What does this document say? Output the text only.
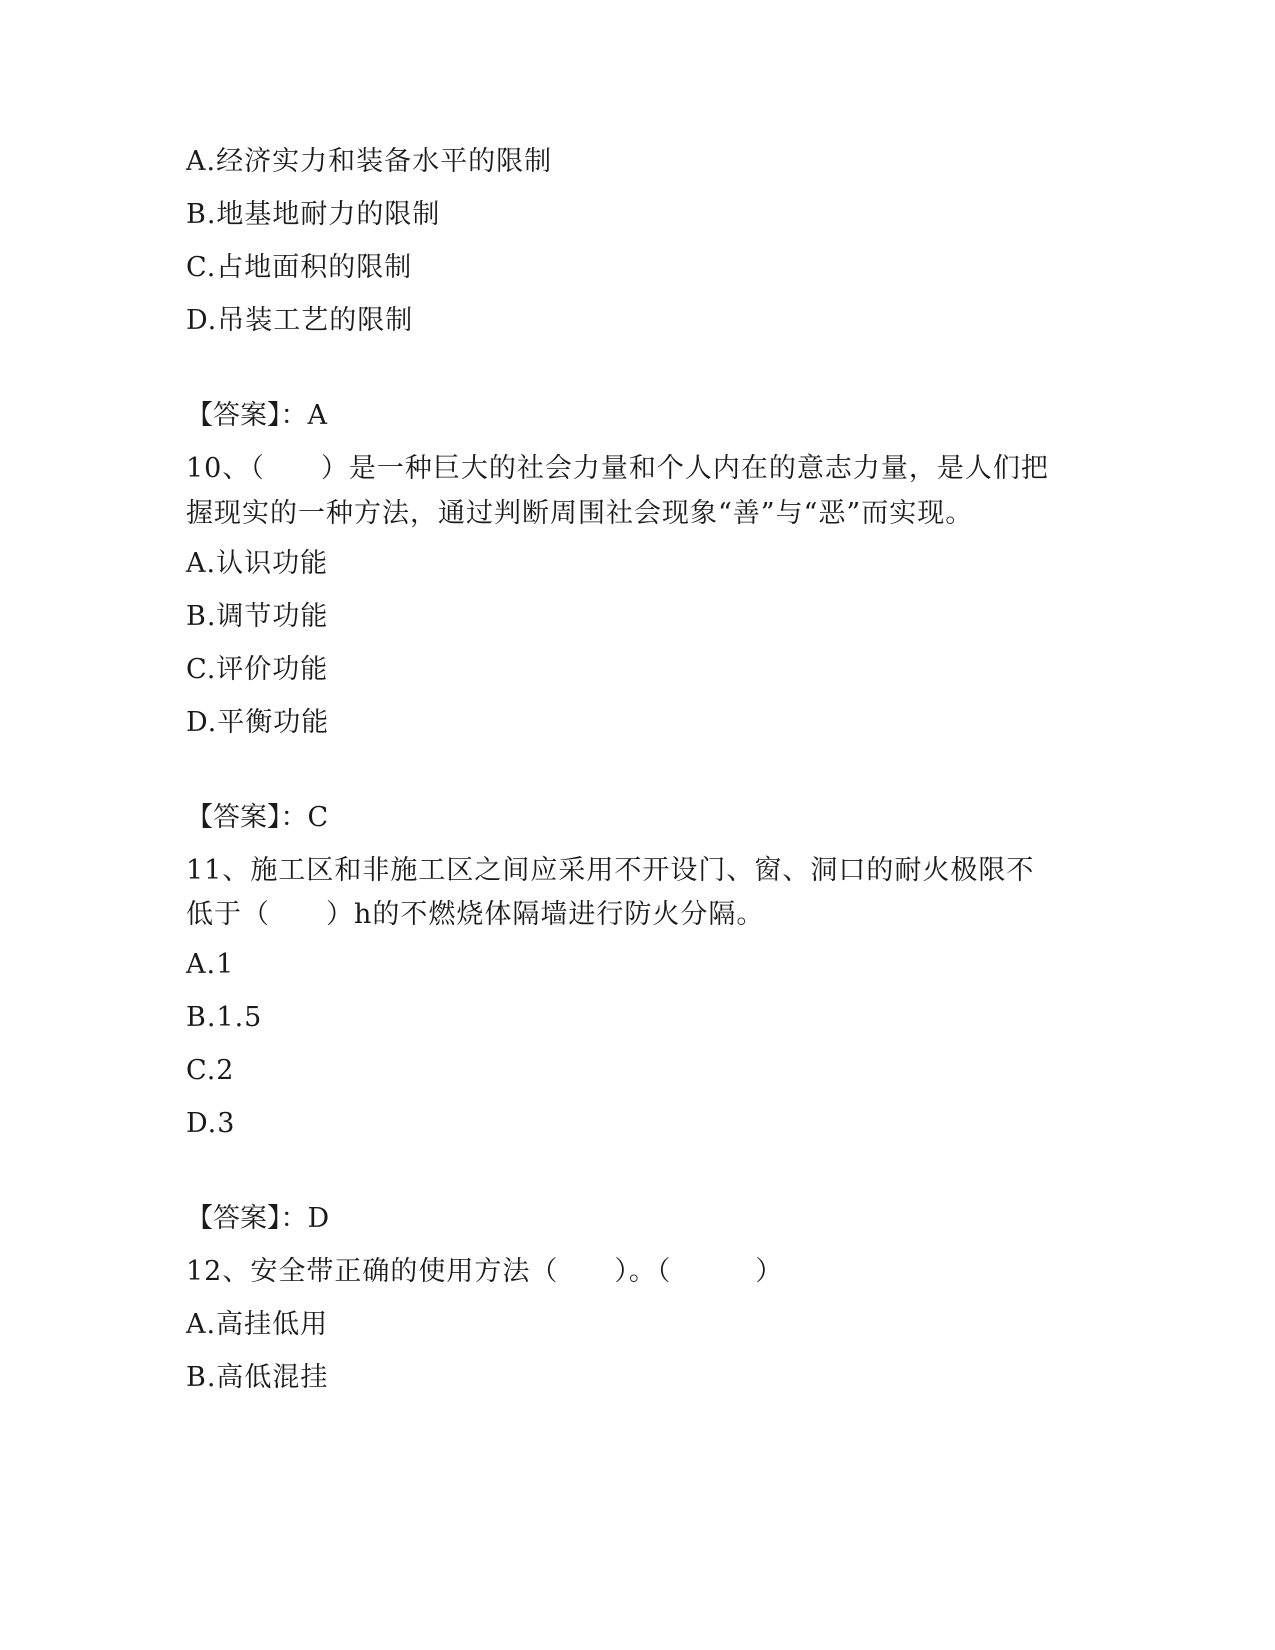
A.经济实力和装备水平的限制
B.地基地耐力的限制
C.占地面积的限制
D.吊装工艺的限制
【答案】：A
10、（　　）是一种巨大的社会力量和个人内在的意志力量，是人们把
握现实的一种方法，通过判断周围社会现象“善”与“恶”而实现。
A.认识功能
B.调节功能
C.评价功能
D.平衡功能
【答案】：C
11、施工区和非施工区之间应采用不开设门、窗、洞口的耐火极限不
低于（　　）h的不燃烧体隔墙进行防火分隔。
A.1
B.1.5
C.2
D.3
【答案】：D
12、安全带正确的使用方法（　　）。（　　　）
A.高挂低用
B.高低混挂
